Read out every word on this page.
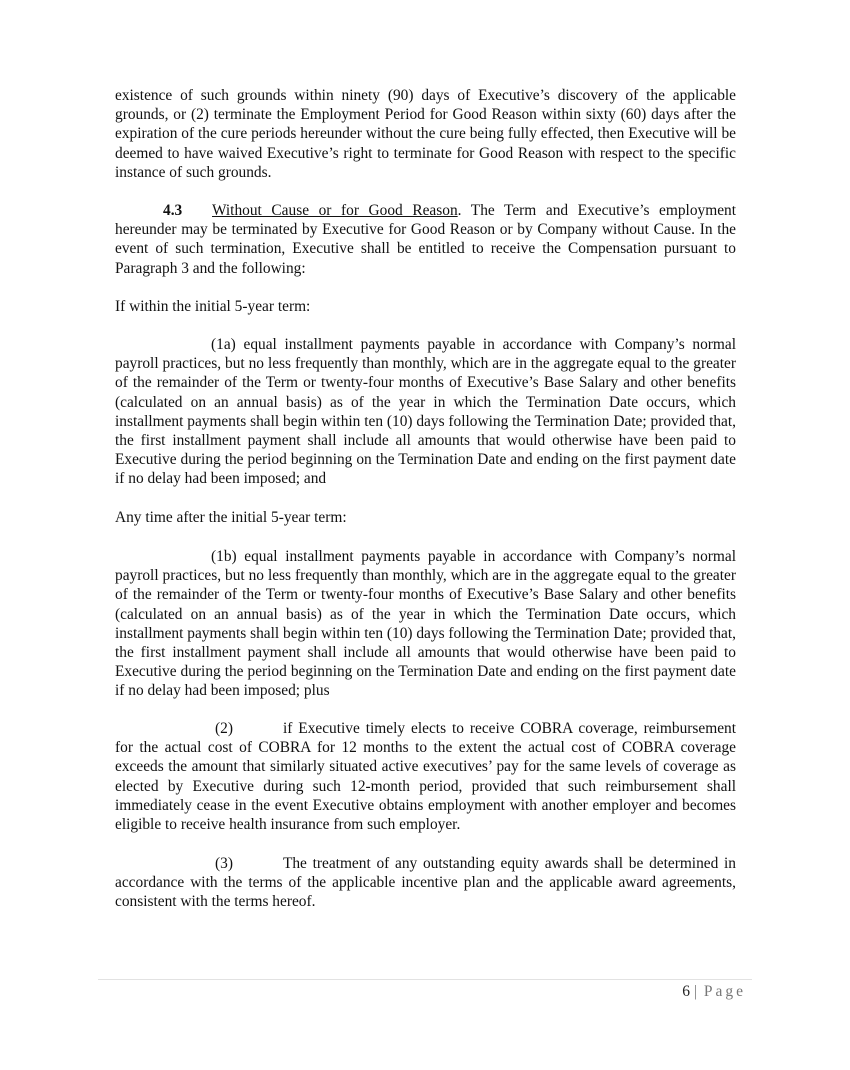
existence of such grounds within ninety (90) days of Executive’s discovery of the applicable grounds, or (2) terminate the Employment Period for Good Reason within sixty (60) days after the expiration of the cure periods hereunder without the cure being fully effected, then Executive will be deemed to have waived Executive’s right to terminate for Good Reason with respect to the specific instance of such grounds.

4.3 Without Cause or for Good Reason. The Term and Executive’s employment hereunder may be terminated by Executive for Good Reason or by Company without Cause. In the event of such termination, Executive shall be entitled to receive the Compensation pursuant to Paragraph 3 and the following:

If within the initial 5-year term:

(1a) equal installment payments payable in accordance with Company’s normal payroll practices, but no less frequently than monthly, which are in the aggregate equal to the greater of the remainder of the Term or twenty-four months of Executive’s Base Salary and other benefits (calculated on an annual basis) as of the year in which the Termination Date occurs, which installment payments shall begin within ten (10) days following the Termination Date; provided that, the first installment payment shall include all amounts that would otherwise have been paid to Executive during the period beginning on the Termination Date and ending on the first payment date if no delay had been imposed; and

Any time after the initial 5-year term:

(1b) equal installment payments payable in accordance with Company’s normal payroll practices, but no less frequently than monthly, which are in the aggregate equal to the greater of the remainder of the Term or twenty-four months of Executive’s Base Salary and other benefits (calculated on an annual basis) as of the year in which the Termination Date occurs, which installment payments shall begin within ten (10) days following the Termination Date; provided that, the first installment payment shall include all amounts that would otherwise have been paid to Executive during the period beginning on the Termination Date and ending on the first payment date if no delay had been imposed; plus

(2)	if Executive timely elects to receive COBRA coverage, reimbursement for the actual cost of COBRA for 12 months to the extent the actual cost of COBRA coverage exceeds the amount that similarly situated active executives’ pay for the same levels of coverage as elected by Executive during such 12-month period, provided that such reimbursement shall immediately cease in the event Executive obtains employment with another employer and becomes eligible to receive health insurance from such employer.

(3)	The treatment of any outstanding equity awards shall be determined in accordance with the terms of the applicable incentive plan and the applicable award agreements, consistent with the terms hereof.

6 | Page
